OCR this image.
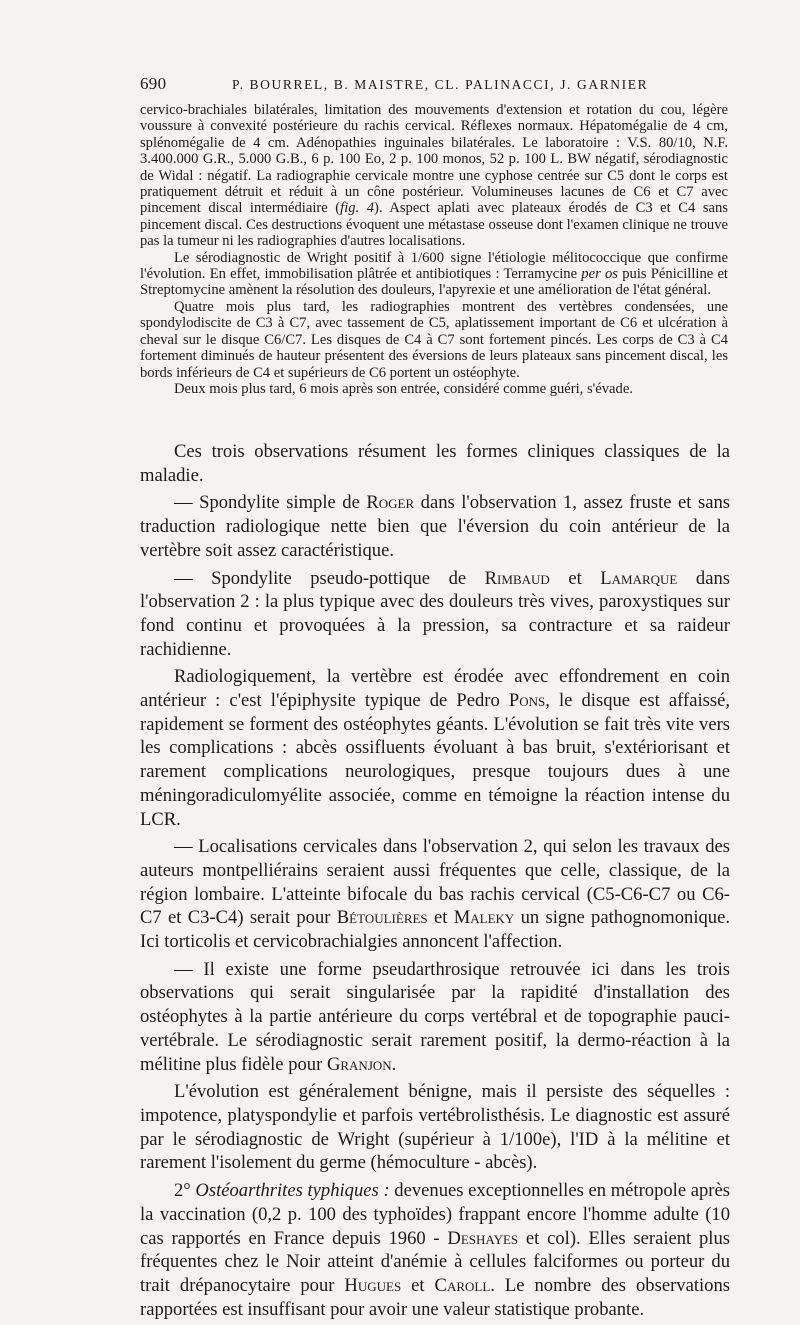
690	P. BOURREL, B. MAISTRE, CL. PALINACCI, J. GARNIER

cervico-brachiales bilatérales, limitation des mouvements d'extension et rotation du cou, légère voussure à convexité postérieure du rachis cervical. Réflexes normaux. Hépatomégalie de 4 cm, splénomégalie de 4 cm. Adénopathies inguinales bilatérales. Le laboratoire : V.S. 80/10, N.F. 3.400.000 G.R., 5.000 G.B., 6 p. 100 Eo, 2 p. 100 monos, 52 p. 100 L. BW négatif, sérodiagnostic de Widal : négatif. La radiographie cervicale montre une cyphose centrée sur C5 dont le corps est pratiquement détruit et réduit à un cône postérieur. Volumineuses lacunes de C6 et C7 avec pincement discal intermédiaire (fig. 4). Aspect aplati avec plateaux érodés de C3 et C4 sans pincement discal. Ces destructions évoquent une métastase osseuse dont l'examen clinique ne trouve pas la tumeur ni les radiographies d'autres localisations.

Le sérodiagnostic de Wright positif à 1/600 signe l'étiologie mélitococcique que confirme l'évolution. En effet, immobilisation plâtrée et antibiotiques : Terramycine per os puis Pénicilline et Streptomycine amènent la résolution des douleurs, l'apyrexie et une amélioration de l'état général.

Quatre mois plus tard, les radiographies montrent des vertèbres condensées, une spondylodiscite de C3 à C7, avec tassement de C5, aplatissement important de C6 et ulcération à cheval sur le disque C6/C7. Les disques de C4 à C7 sont fortement pincés. Les corps de C3 à C4 fortement diminués de hauteur présentent des éversions de leurs plateaux sans pincement discal, les bords inférieurs de C4 et supérieurs de C6 portent un ostéophyte.

Deux mois plus tard, 6 mois après son entrée, considéré comme guéri, s'évade.

Ces trois observations résument les formes cliniques classiques de la maladie.

— Spondylite simple de Roger dans l'observation 1, assez fruste et sans traduction radiologique nette bien que l'éversion du coin antérieur de la vertèbre soit assez caractéristique.

— Spondylite pseudo-pottique de Rimbaud et Lamarque dans l'observation 2 : la plus typique avec des douleurs très vives, paroxystiques sur fond continu et provoquées à la pression, sa contracture et sa raideur rachidienne.

Radiologiquement, la vertèbre est érodée avec effondrement en coin antérieur : c'est l'épiphysite typique de Pedro Pons, le disque est affaissé, rapidement se forment des ostéophytes géants. L'évolution se fait très vite vers les complications : abcès ossifluents évoluant à bas bruit, s'extériorisant et rarement complications neurologiques, presque toujours dues à une méningoradiculomyélite associée, comme en témoigne la réaction intense du LCR.

— Localisations cervicales dans l'observation 2, qui selon les travaux des auteurs montpelliérains seraient aussi fréquentes que celle, classique, de la région lombaire. L'atteinte bifocale du bas rachis cervical (C5-C6-C7 ou C6-C7 et C3-C4) serait pour Bétoulières et Maleky un signe pathognomonique. Ici torticolis et cervicobrachialgies annoncent l'affection.

— Il existe une forme pseudarthrosique retrouvée ici dans les trois observations qui serait singularisée par la rapidité d'installation des ostéophytes à la partie antérieure du corps vertébral et de topographie pauci-vertébrale. Le sérodiagnostic serait rarement positif, la dermo-réaction à la mélitine plus fidèle pour Granjon.

L'évolution est généralement bénigne, mais il persiste des séquelles : impotence, platyspondylie et parfois vertébrolisthésis. Le diagnostic est assuré par le sérodiagnostic de Wright (supérieur à 1/100e), l'ID à la mélitine et rarement l'isolement du germe (hémoculture - abcès).

2° Ostéoarthrites typhiques : devenues exceptionnelles en métropole après la vaccination (0,2 p. 100 des typhoïdes) frappant encore l'homme adulte (10 cas rapportés en France depuis 1960 - Deshayes et col). Elles seraient plus fréquentes chez le Noir atteint d'anémie à cellules falciformes ou porteur du trait drépanocytaire pour Hugues et Caroll. Le nombre des observations rapportées est insuffisant pour avoir une valeur statistique probante.
